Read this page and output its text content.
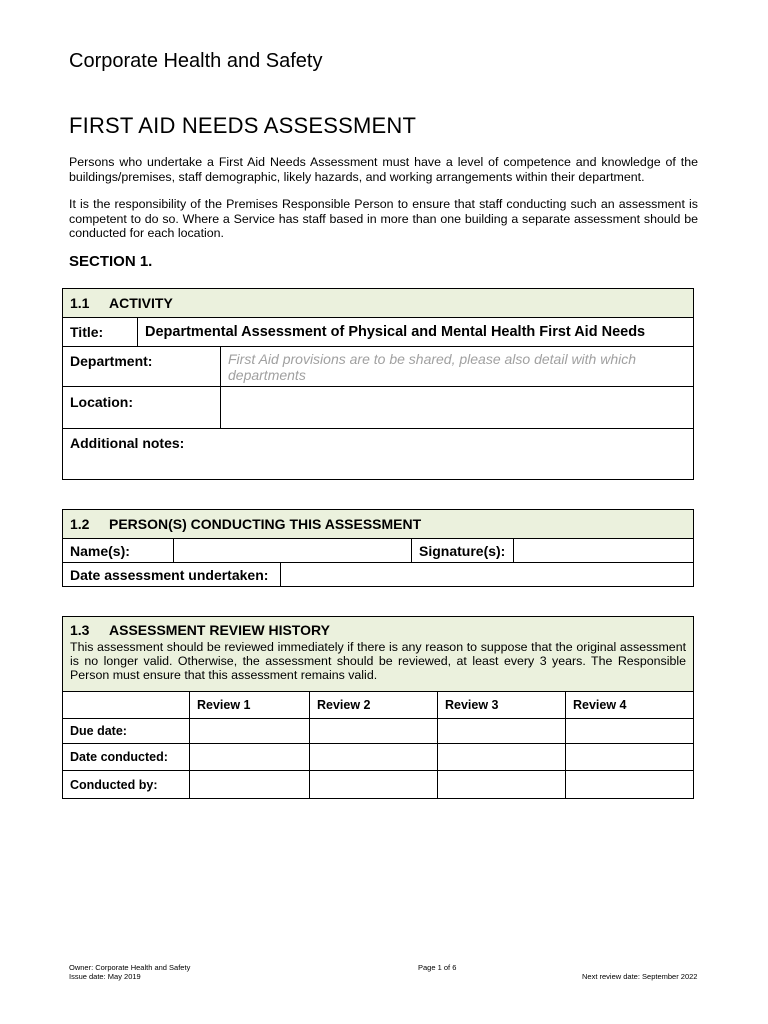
Corporate Health and Safety
FIRST AID NEEDS ASSESSMENT
Persons who undertake a First Aid Needs Assessment must have a level of competence and knowledge of the buildings/premises, staff demographic, likely hazards, and working arrangements within their department.
It is the responsibility of the Premises Responsible Person to ensure that staff conducting such an assessment is competent to do so. Where a Service has staff based in more than one building a separate assessment should be conducted for each location.
SECTION 1.
1.1 ACTIVITY		
Title:	Departmental Assessment of Physical and Mental Health First Aid Needs	
Department:		First Aid provisions are to be shared, please also detail with which departments
Location:		
Additional notes:		
1.2 PERSON(S) CONDUCTING THIS ASSESSMENT				
Name(s):			Signature(s):	
Date assessment undertaken:				
1.3 ASSESSMENT REVIEW HISTORY
This assessment should be reviewed immediately if there is any reason to suppose that the original assessment is no longer valid. Otherwise, the assessment should be reviewed, at least every 3 years. The Responsible Person must ensure that this assessment remains valid.				

	Review 1	Review 2	Review 3	Review 4
Due date:				
Date conducted:				
Conducted by:				
Owner: Corporate Health and Safety
Issue date: May 2019
Page 1 of 6
Next review date: September 2022
